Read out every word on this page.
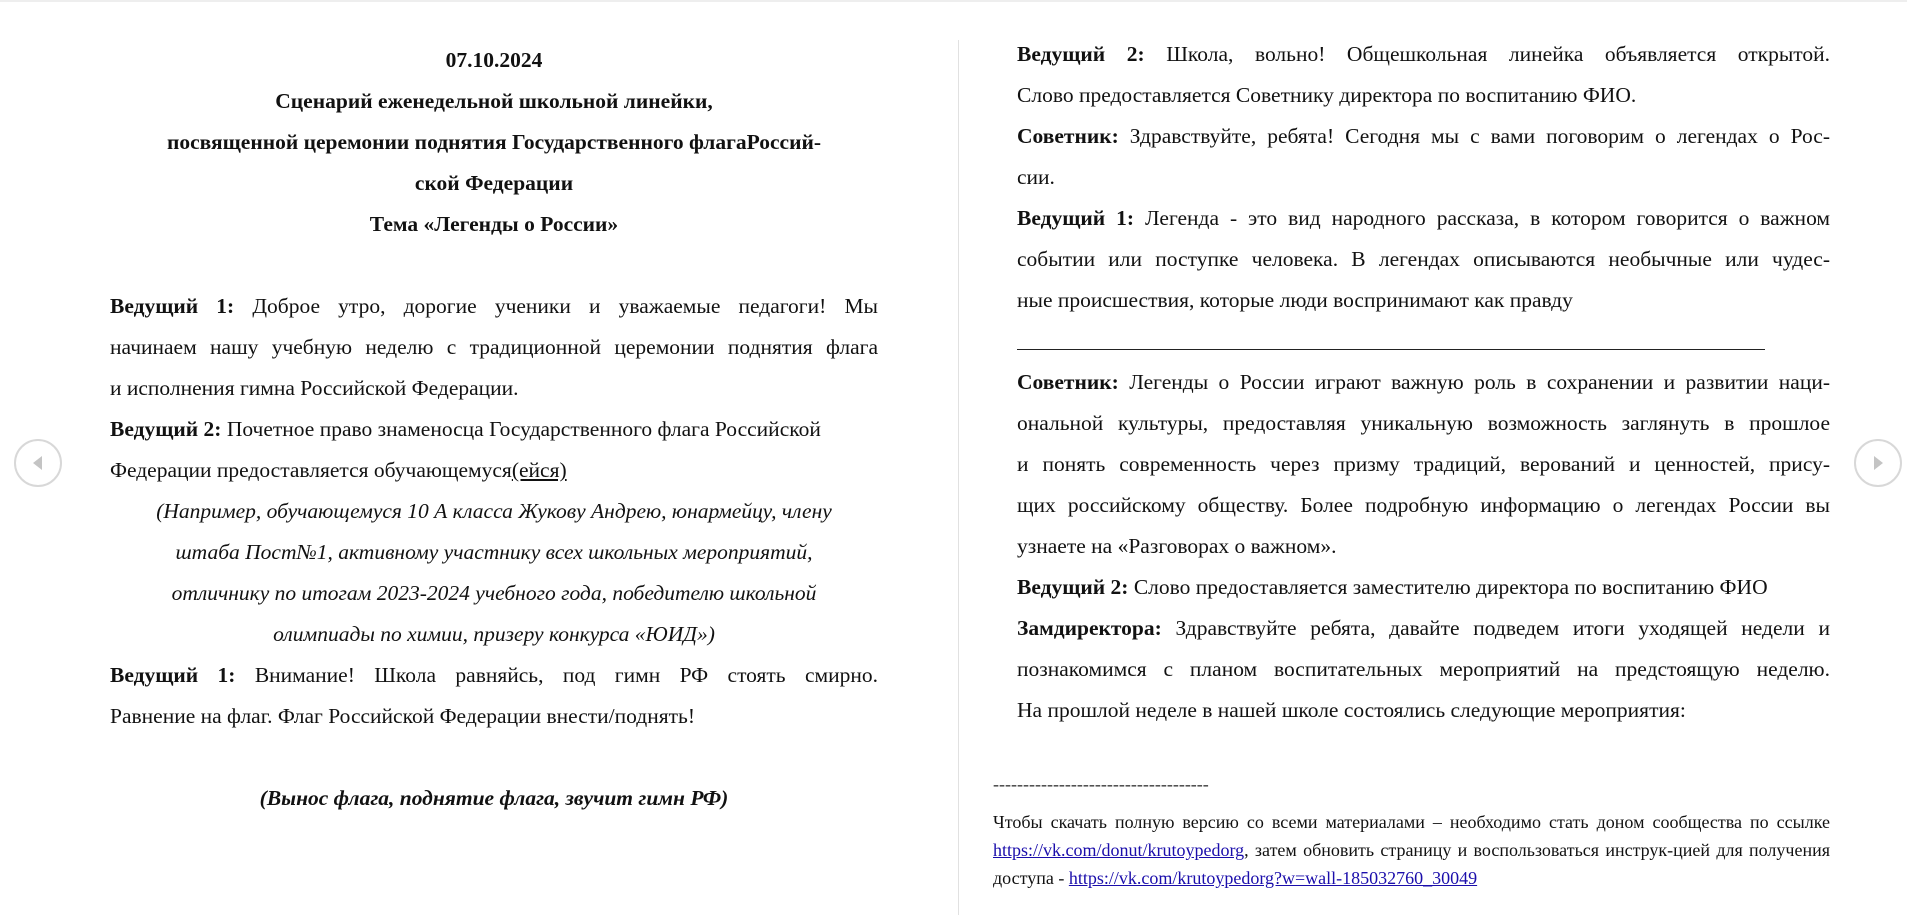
07.10.2024
Сценарий еженедельной школьной линейки,
посвященной церемонии поднятия Государственного флагаРоссий-
ской Федерации
Тема «Легенды о России»
Ведущий 1: Доброе утро, дорогие ученики и уважаемые педагоги! Мы
начинаем нашу учебную неделю с традиционной церемонии поднятия флага
и исполнения гимна Российской Федерации.
Ведущий 2: Почетное право знаменосца Государственного флага Российской
Федерации предоставляется обучающемуся(ейся)
(Например, обучающемуся 10 А класса Жукову Андрею, юнармейцу, члену
штаба Пост№1, активному участнику всех школьных мероприятий,
отличнику по итогам 2023-2024 учебного года, победителю школьной
олимпиады по химии, призеру конкурса «ЮИД»)
Ведущий 1: Внимание! Школа равняйсь, под гимн РФ стоять смирно.
Равнение на флаг. Флаг Российской Федерации внести/поднять!
(Вынос флага, поднятие флага, звучит гимн РФ)
Ведущий 2: Школа, вольно! Общешкольная линейка объявляется открытой.
Слово предоставляется Советнику директора по воспитанию ФИО.
Советник: Здравствуйте, ребята! Сегодня мы с вами поговорим о легендах о Рос-
сии.
Ведущий 1: Легенда - это вид народного рассказа, в котором говорится о важном
событии или поступке человека. В легендах описываются необычные или чудес-
ные происшествия, которые люди воспринимают как правду
Советник: Легенды о России играют важную роль в сохранении и развитии наци-
ональной культуры, предоставляя уникальную возможность заглянуть в прошлое
и понять современность через призму традиций, верований и ценностей, прису-
щих российскому обществу. Более подробную информацию о легендах России вы
узнаете на «Разговорах о важном».
Ведущий 2: Слово предоставляется заместителю директора по воспитанию ФИО
Замдиректора: Здравствуйте ребята, давайте подведем итоги уходящей недели и
познакомимся с планом воспитательных мероприятий на предстоящую неделю.
На прошлой неделе в нашей школе состоялись следующие мероприятия:
------------------------------------
Чтобы скачать полную версию со всеми материалами – необходимо стать доном сообщества по ссылке https://vk.com/donut/krutoypedorg, затем обновить страницу и воспользоваться инструк-цией для получения доступа - https://vk.com/krutoypedorg?w=wall-185032760_30049
